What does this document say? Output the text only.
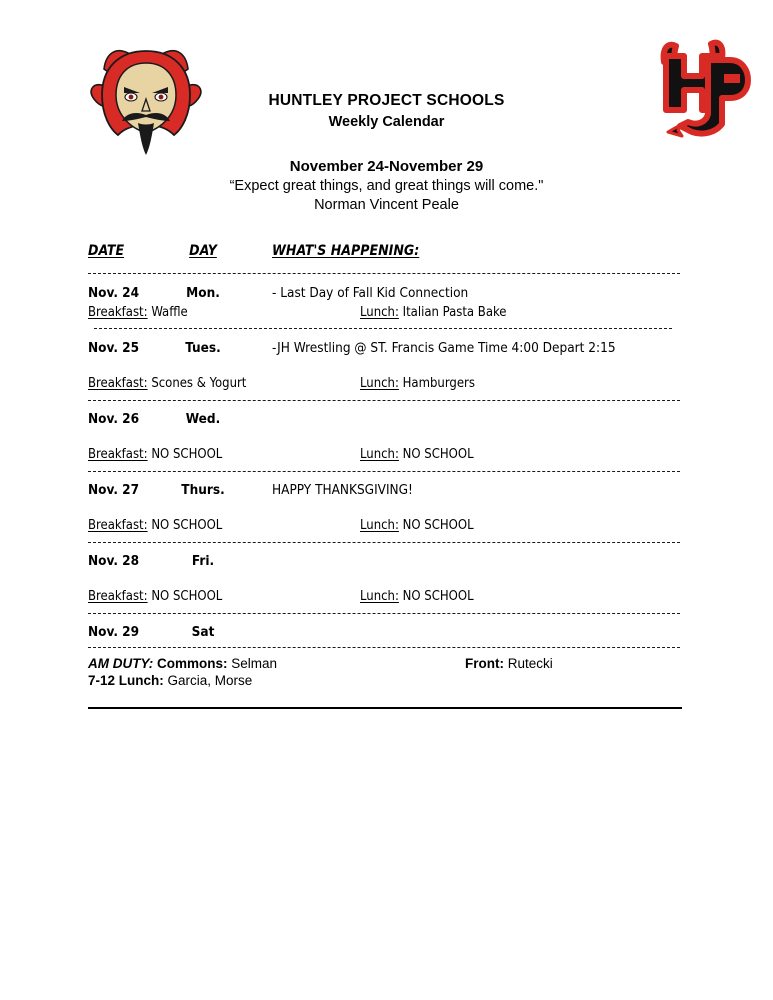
HUNTLEY PROJECT SCHOOLS
Weekly Calendar
November 24-November 29
“Expect great things, and great things will come."
Norman Vincent Peale
DATE	DAY	WHAT'S HAPPENING:
Nov. 24	Mon.	- Last Day of Fall Kid Connection
Breakfast: Waffle	Lunch: Italian Pasta Bake
Nov. 25	Tues.	-JH Wrestling @ ST. Francis Game Time 4:00 Depart 2:15
Breakfast: Scones & Yogurt	Lunch: Hamburgers
Nov. 26	Wed.
Breakfast: NO SCHOOL	Lunch: NO SCHOOL
Nov. 27	Thurs.	HAPPY THANKSGIVING!
Breakfast: NO SCHOOL	Lunch: NO SCHOOL
Nov. 28	Fri.
Breakfast: NO SCHOOL	Lunch: NO SCHOOL
Nov. 29	Sat
AM DUTY: Commons: Selman	Front: Rutecki
7-12 Lunch: Garcia, Morse
